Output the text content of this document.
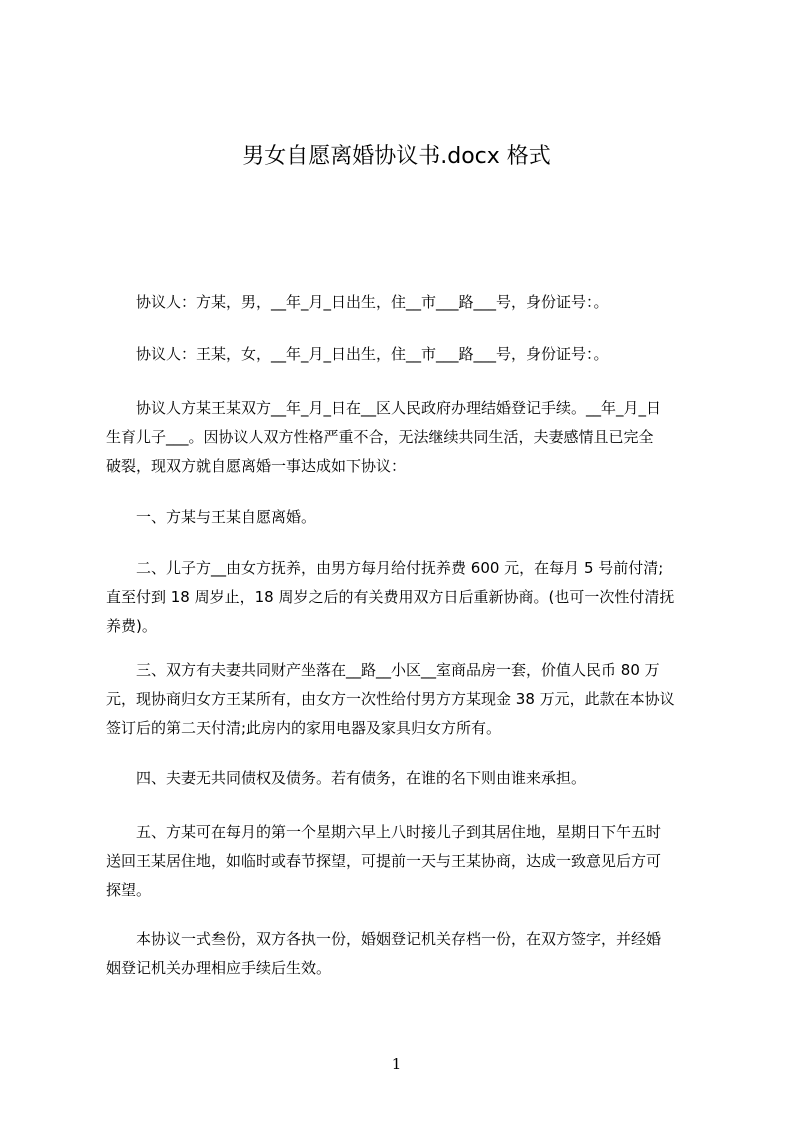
男女自愿离婚协议书.docx 格式
　　协议人：方某，男，__年_月_日出生，住__市___路___号，身份证号：。
　　协议人：王某，女，__年_月_日出生，住__市___路___号，身份证号：。
　　协议人方某王某双方__年_月_日在__区人民政府办理结婚登记手续。__年_月_日
生育儿子___。因协议人双方性格严重不合，无法继续共同生活，夫妻感情且已完全
破裂，现双方就自愿离婚一事达成如下协议：
　　一、方某与王某自愿离婚。
　　二、儿子方__由女方抚养，由男方每月给付抚养费 600 元，在每月 5 号前付清;
直至付到 18 周岁止，18 周岁之后的有关费用双方日后重新协商。(也可一次性付清抚
养费)。
　　三、双方有夫妻共同财产坐落在__路__小区__室商品房一套，价值人民币 80 万
元，现协商归女方王某所有，由女方一次性给付男方方某现金 38 万元，此款在本协议
签订后的第二天付清;此房内的家用电器及家具归女方所有。
　　四、夫妻无共同债权及债务。若有债务，在谁的名下则由谁来承担。
　　五、方某可在每月的第一个星期六早上八时接儿子到其居住地，星期日下午五时
送回王某居住地，如临时或春节探望，可提前一天与王某协商，达成一致意见后方可
探望。
　　本协议一式叁份，双方各执一份，婚姻登记机关存档一份，在双方签字，并经婚
姻登记机关办理相应手续后生效。
1
